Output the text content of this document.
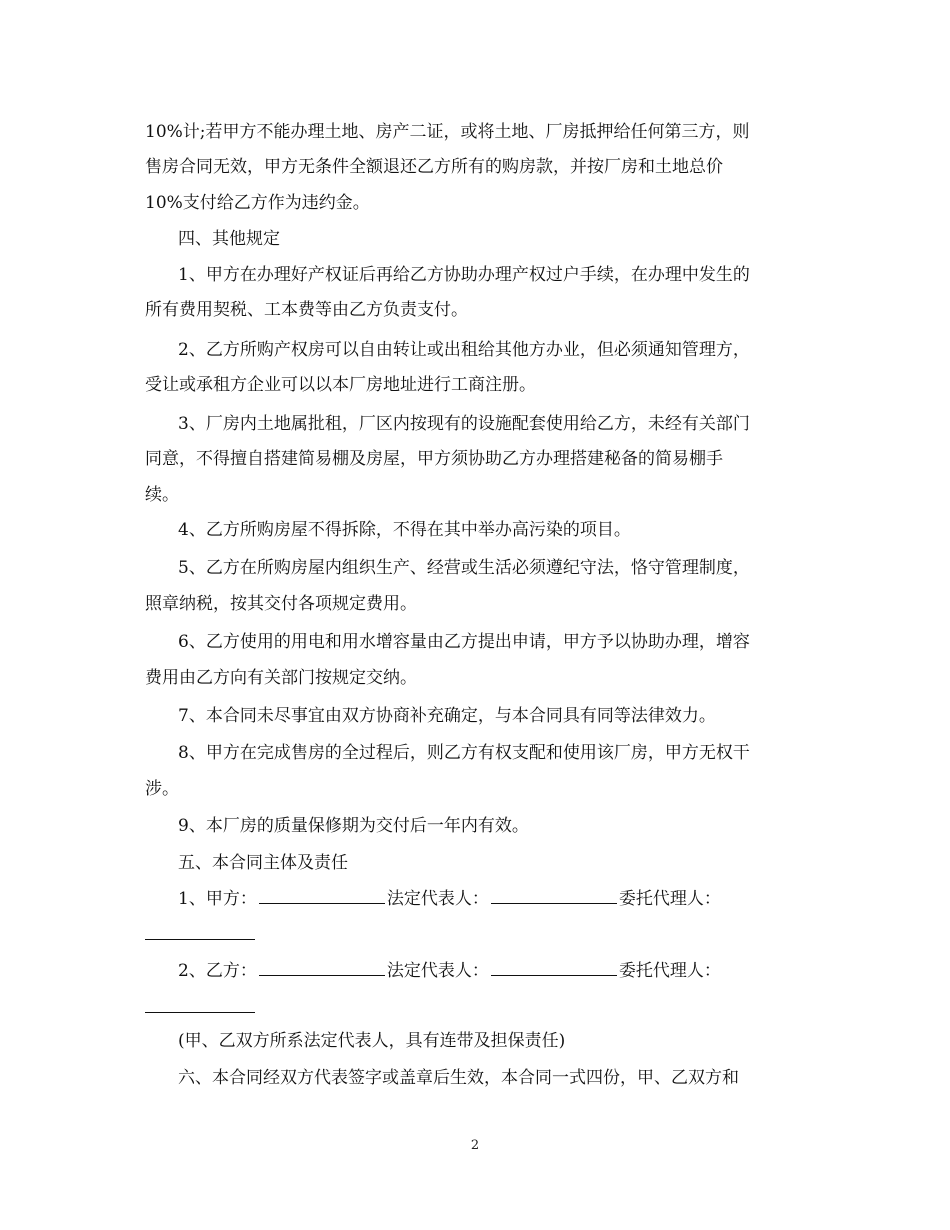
10%计;若甲方不能办理土地、房产二证，或将土地、厂房抵押给任何第三方，则
售房合同无效，甲方无条件全额退还乙方所有的购房款，并按厂房和土地总价
10%支付给乙方作为违约金。
四、其他规定
1、甲方在办理好产权证后再给乙方协助办理产权过户手续，在办理中发生的
所有费用契税、工本费等由乙方负责支付。
2、乙方所购产权房可以自由转让或出租给其他方办业，但必须通知管理方，
受让或承租方企业可以以本厂房地址进行工商注册。
3、厂房内土地属批租，厂区内按现有的设施配套使用给乙方，未经有关部门
同意，不得擅自搭建简易棚及房屋，甲方须协助乙方办理搭建秘备的简易棚手
续。
4、乙方所购房屋不得拆除，不得在其中举办高污染的项目。
5、乙方在所购房屋内组织生产、经营或生活必须遵纪守法，恪守管理制度，
照章纳税，按其交付各项规定费用。
6、乙方使用的用电和用水增容量由乙方提出申请，甲方予以协助办理，增容
费用由乙方向有关部门按规定交纳。
7、本合同未尽事宜由双方协商补充确定，与本合同具有同等法律效力。
8、甲方在完成售房的全过程后，则乙方有权支配和使用该厂房，甲方无权干
涉。
9、本厂房的质量保修期为交付后一年内有效。
五、本合同主体及责任
1、甲方：	法定代表人：	委托代理人：
2、乙方：	法定代表人：	委托代理人：
(甲、乙双方所系法定代表人，具有连带及担保责任)
六、本合同经双方代表签字或盖章后生效，本合同一式四份，甲、乙双方和
2
